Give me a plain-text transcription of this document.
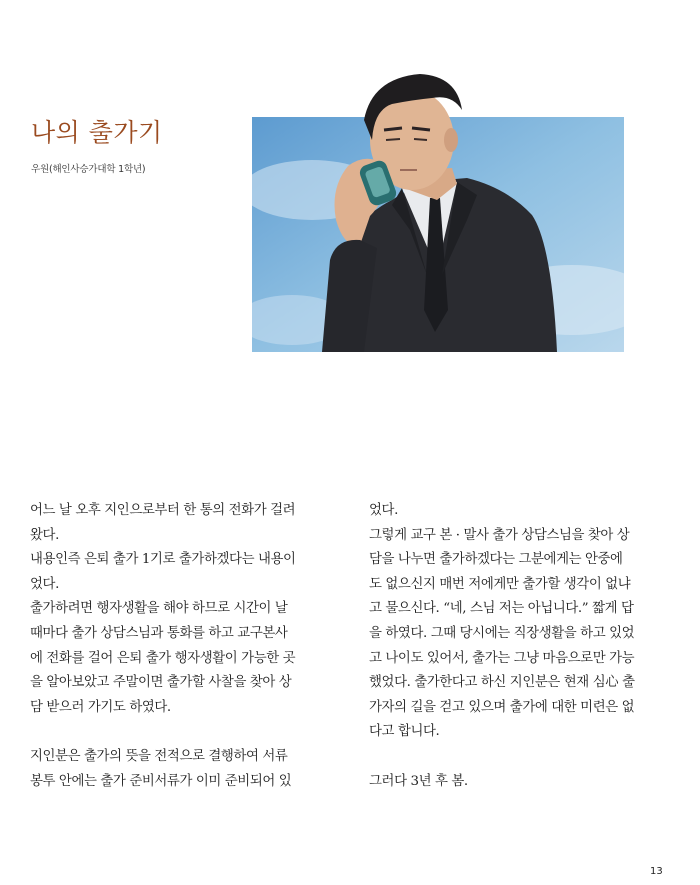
나의 출가기
우원(해인사승가대학 1학년)

어느 날 오후 지인으로부터 한 통의 전화가 걸려

왔다.

내용인즉 은퇴 출가 1기로 출가하겠다는 내용이

었다.

출가하려면 행자생활을 해야 하므로 시간이 날

때마다 출가 상담스님과 통화를 하고 교구본사

에 전화를 걸어 은퇴 출가 행자생활이 가능한 곳

을 알아보았고 주말이면 출가할 사찰을 찾아 상

담 받으러 가기도 하였다.

지인분은 출가의 뜻을 전적으로 결행하여 서류

봉투 안에는 출가 준비서류가 이미 준비되어 있

었다.

그렇게 교구 본 · 말사 출가 상담스님을 찾아 상

담을 나누면 출가하겠다는 그분에게는 안중에

도 없으신지 매번 저에게만 출가할 생각이 없냐

고 물으신다. “네, 스님 저는 아닙니다.” 짧게 답

을 하였다. 그때 당시에는 직장생활을 하고 있었

고 나이도 있어서, 출가는 그냥 마음으로만 가능

했었다. 출가한다고 하신 지인분은 현재 심心 출

가자의 길을 걷고 있으며 출가에 대한 미련은 없

다고 합니다.

그러다 3년 후 봄.

13
